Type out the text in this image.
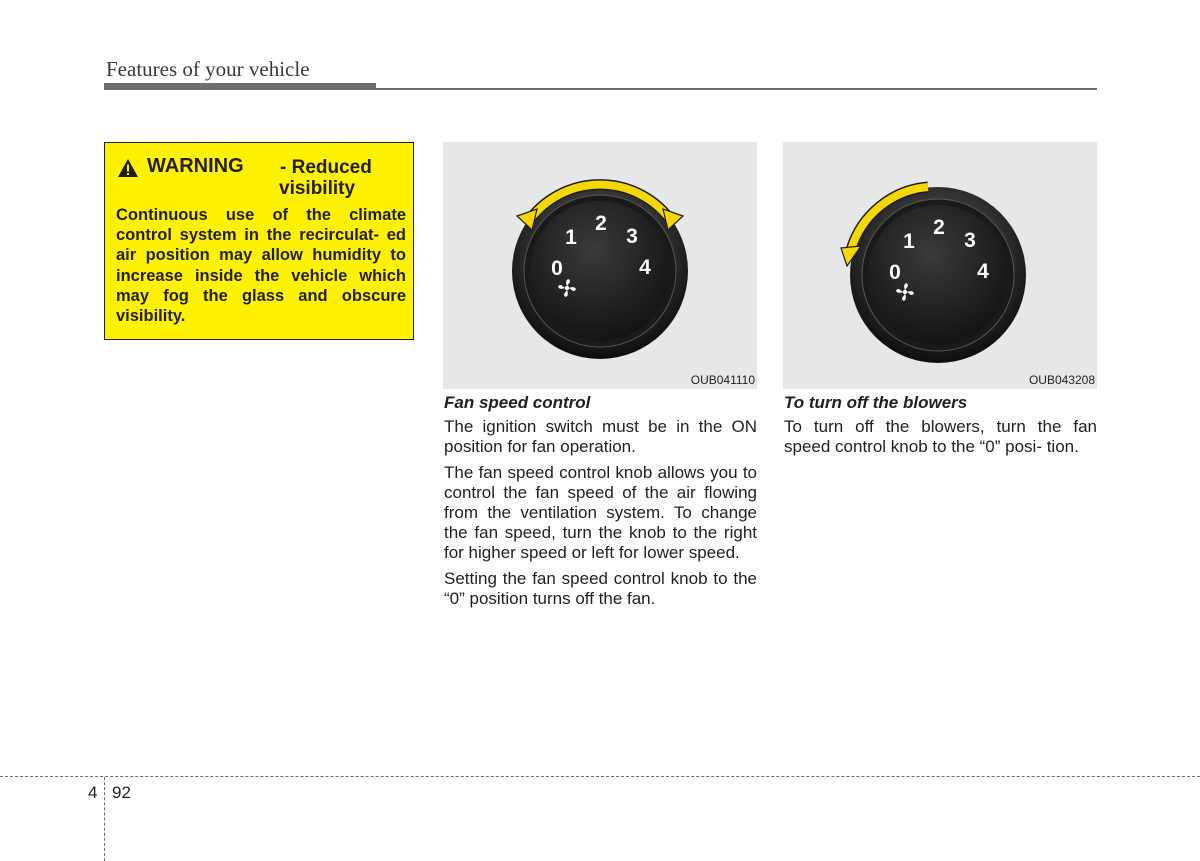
Features of your vehicle
WARNING - Reduced
visibility
Continuous use of the climate control system in the recirculat- ed air position may allow humidity to increase inside the vehicle which may fog the glass and obscure visibility.
0
1
2
3
4
OUB041110
0
1
2
3
4
OUB043208
Fan speed control

The ignition switch must be in the ON position for fan operation.

The fan speed control knob allows you to control the fan speed of the air flowing from the ventilation system. To change the fan speed, turn the knob to the right for higher speed or left for lower speed.

Setting the fan speed control knob to the “0” position turns off the fan.

To turn off the blowers

To turn off the blowers, turn the fan speed control knob to the “0” posi- tion.

4 92
